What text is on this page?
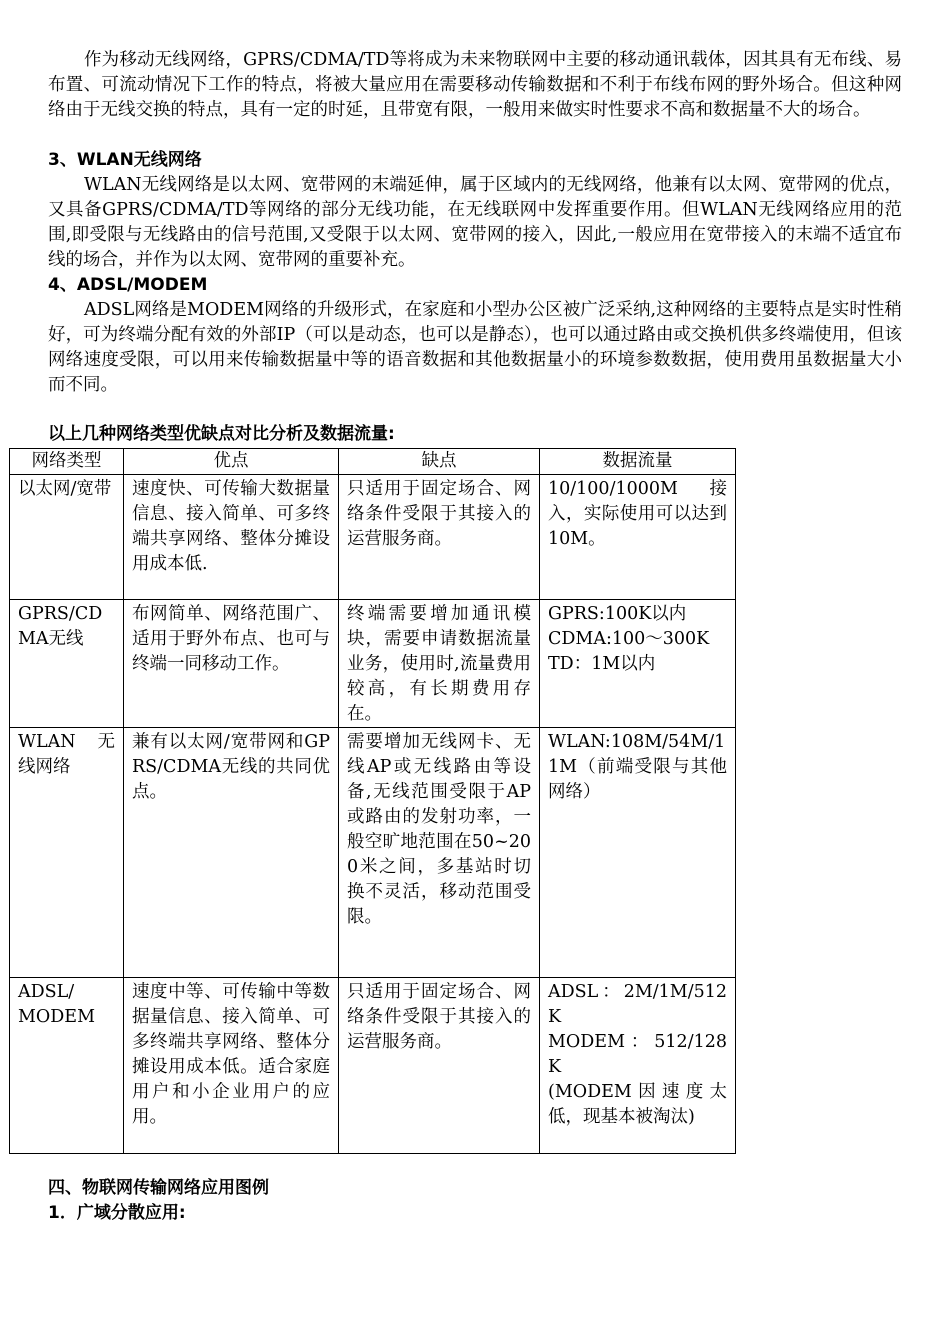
作为移动无线网络，GPRS/CDMA/TD等将成为未来物联网中主要的移动通讯载体，因其具有无布线、易布置、可流动情况下工作的特点，将被大量应用在需要移动传输数据和不利于布线布网的野外场合。但这种网络由于无线交换的特点，具有一定的时延，且带宽有限，一般用来做实时性要求不高和数据量不大的场合。

3、WLAN无线网络

WLAN无线网络是以太网、宽带网的末端延伸，属于区域内的无线网络，他兼有以太网、宽带网的优点，又具备GPRS/CDMA/TD等网络的部分无线功能，在无线联网中发挥重要作用。但WLAN无线网络应用的范围,即受限与无线路由的信号范围,又受限于以太网、宽带网的接入，因此,一般应用在宽带接入的末端不适宜布线的场合，并作为以太网、宽带网的重要补充。

4、ADSL/MODEM

ADSL网络是MODEM网络的升级形式，在家庭和小型办公区被广泛采纳,这种网络的主要特点是实时性稍好，可为终端分配有效的外部IP（可以是动态，也可以是静态），也可以通过路由或交换机供多终端使用，但该网络速度受限，可以用来传输数据量中等的语音数据和其他数据量小的环境参数数据，使用费用虽数据量大小而不同。

以上几种网络类型优缺点对比分析及数据流量:

网络类型	优点	缺点	数据流量
以太网/宽带	速度快、可传输大数据量信息、接入简单、可多终端共享网络、整体分摊设用成本低.	只适用于固定场合、网络条件受限于其接入的运营服务商。	10/100/1000M 接入，实际使用可以达到10M。
GPRS/CDMA无线	布网简单、网络范围广、适用于野外布点、也可与终端一同移动工作。	终端需要增加通讯模块，需要申请数据流量业务，使用时,流量费用较高，有长期费用存在。	GPRS:100K以内
CDMA:100～300K
TD：1M以内
WLAN 无线网络	兼有以太网/宽带网和GPRS/CDMA无线的共同优点。	需要增加无线网卡、无线AP或无线路由等设备,无线范围受限于AP或路由的发射功率，一般空旷地范围在50~200米之间，多基站时切换不灵活，移动范围受限。	WLAN:108M/54M/11M（前端受限与其他网络）
ADSL/
MODEM	速度中等、可传输中等数据量信息、接入简单、可多终端共享网络、整体分摊设用成本低。适合家庭用户和小企业用户的应用。	只适用于固定场合、网络条件受限于其接入的运营服务商。	ADSL：2M/1M/512K
MODEM：512/128 K
(MODEM因速度太低，现基本被淘汰)

四、物联网传输网络应用图例

1．广域分散应用:
